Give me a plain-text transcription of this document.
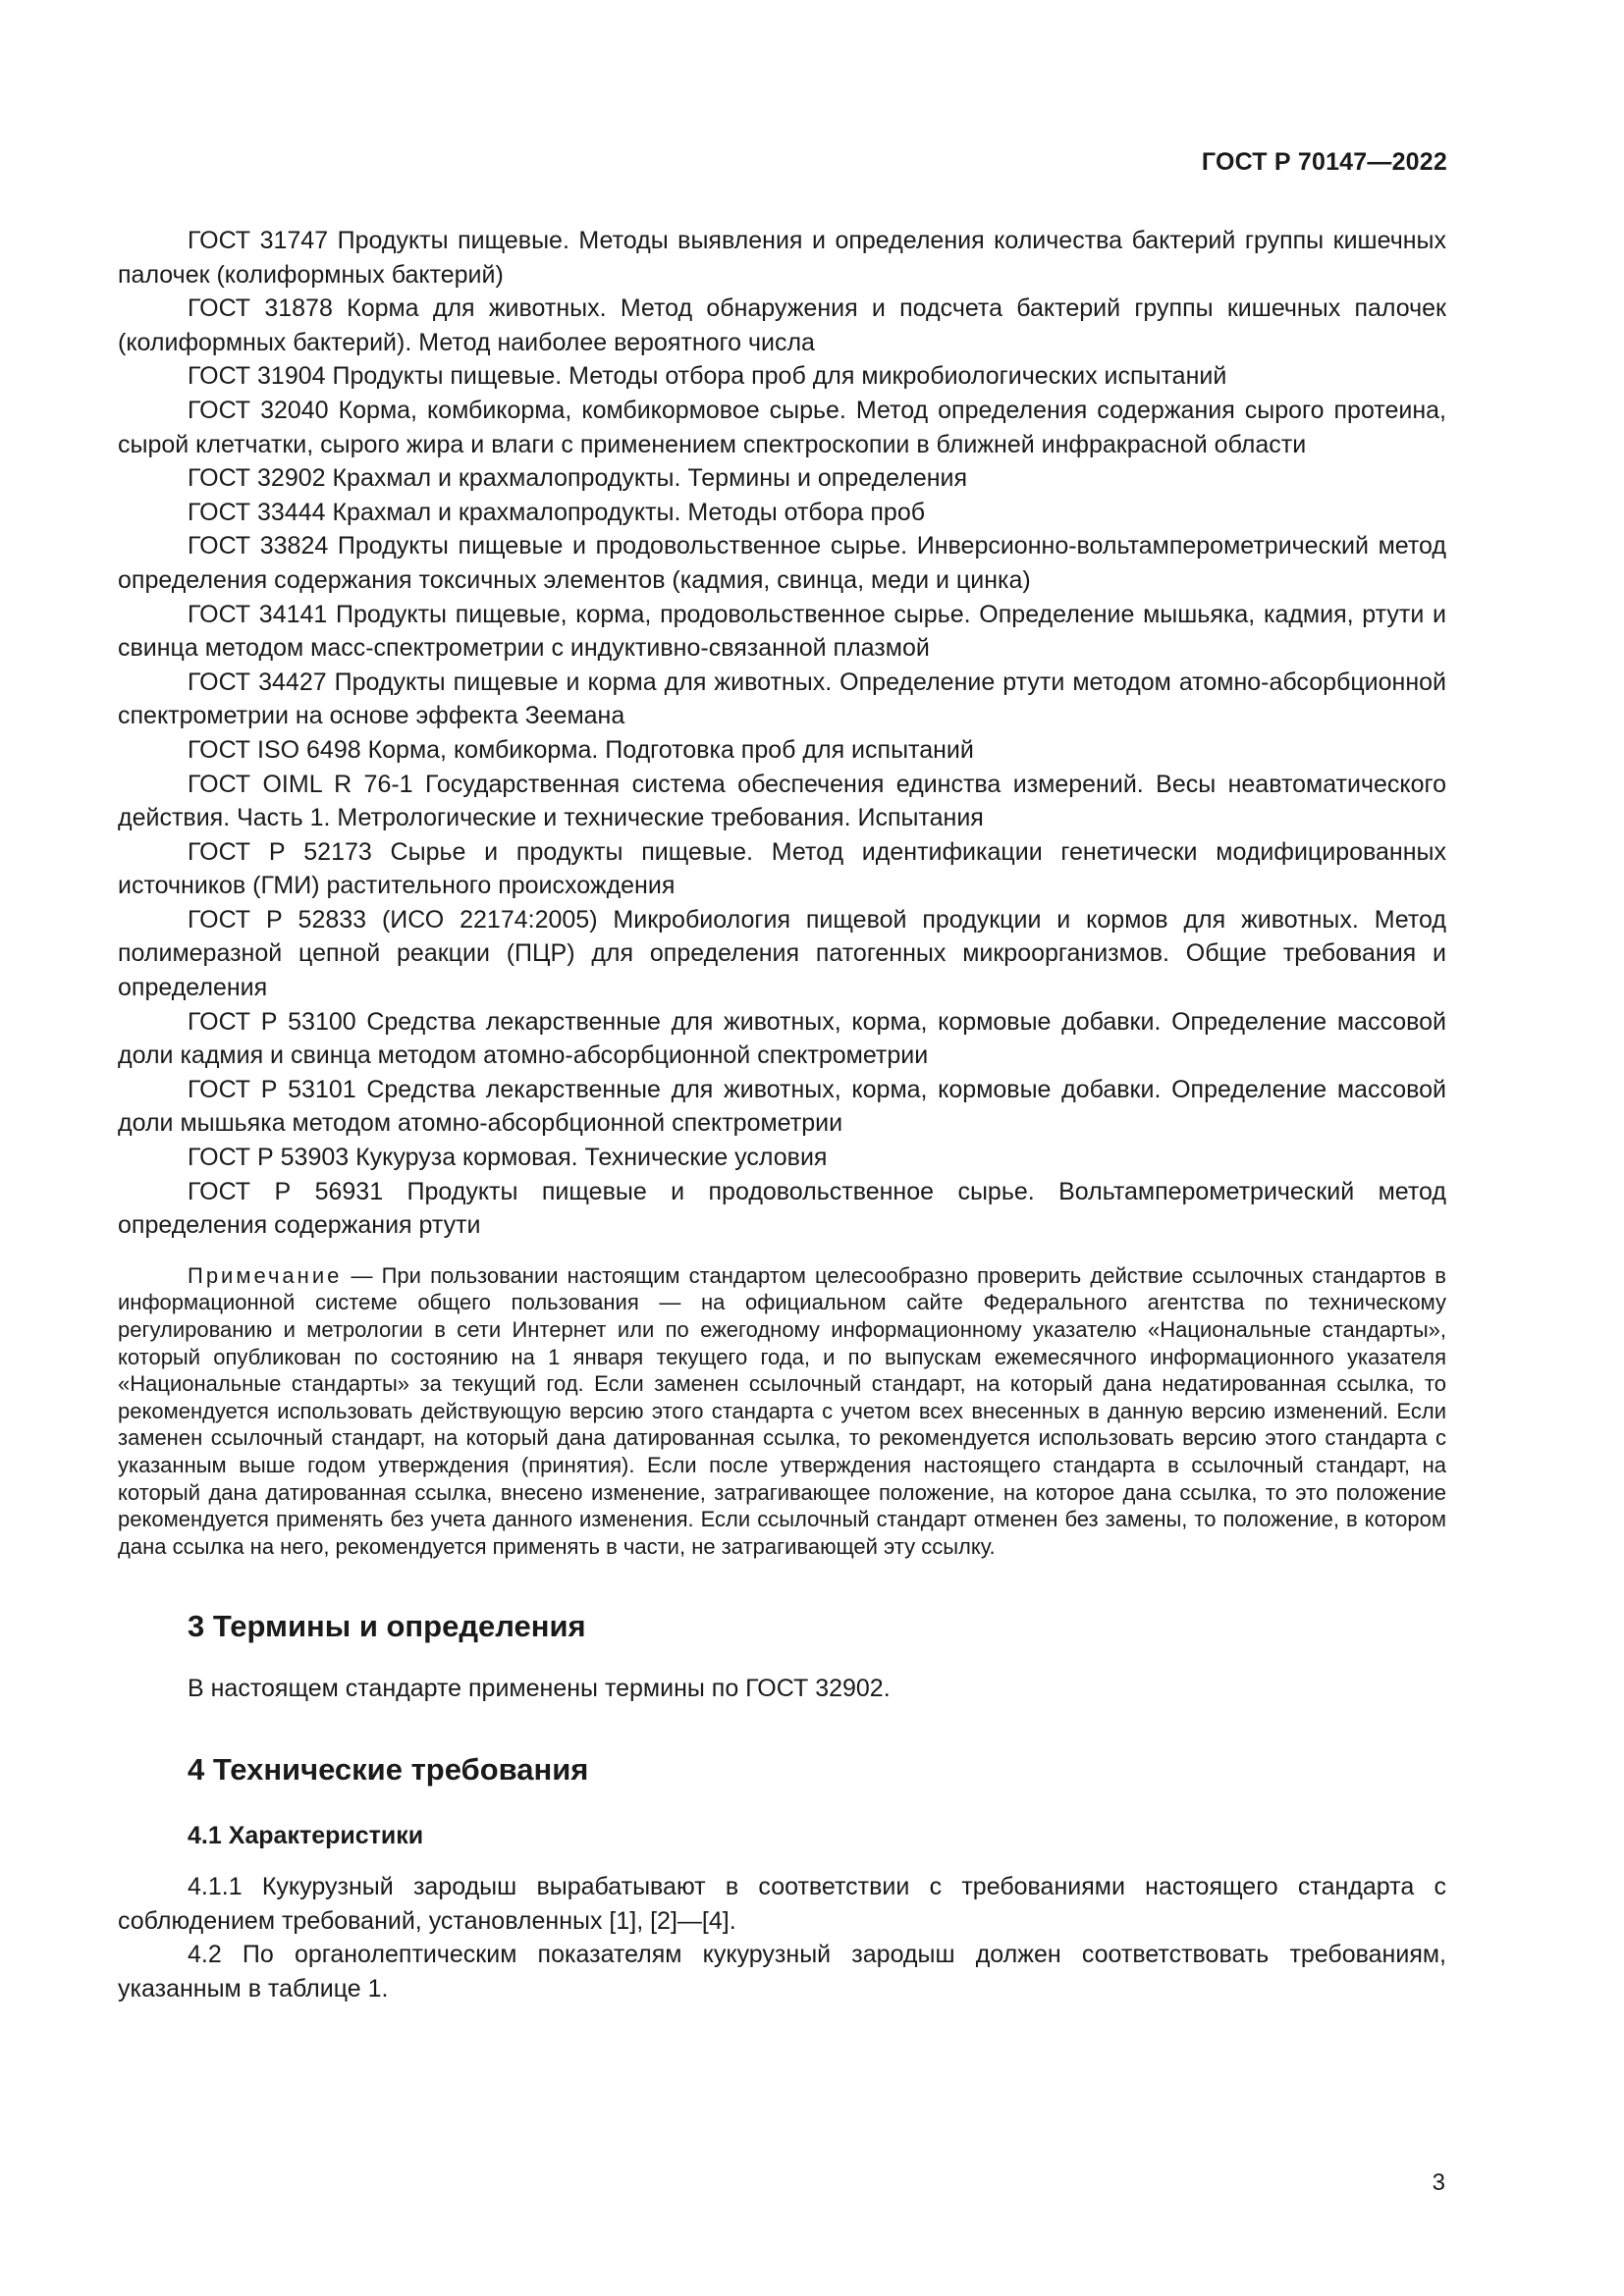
ГОСТ Р 70147—2022

ГОСТ 31747 Продукты пищевые. Методы выявления и определения количества бактерий группы кишечных палочек (колиформных бактерий)

ГОСТ 31878 Корма для животных. Метод обнаружения и подсчета бактерий группы кишечных палочек (колиформных бактерий). Метод наиболее вероятного числа

ГОСТ 31904 Продукты пищевые. Методы отбора проб для микробиологических испытаний

ГОСТ 32040 Корма, комбикорма, комбикормовое сырье. Метод определения содержания сырого протеина, сырой клетчатки, сырого жира и влаги с применением спектроскопии в ближней инфракрасной области

ГОСТ 32902 Крахмал и крахмалопродукты. Термины и определения

ГОСТ 33444 Крахмал и крахмалопродукты. Методы отбора проб

ГОСТ 33824 Продукты пищевые и продовольственное сырье. Инверсионно-вольтамперометрический метод определения содержания токсичных элементов (кадмия, свинца, меди и цинка)

ГОСТ 34141 Продукты пищевые, корма, продовольственное сырье. Определение мышьяка, кадмия, ртути и свинца методом масс-спектрометрии с индуктивно-связанной плазмой

ГОСТ 34427 Продукты пищевые и корма для животных. Определение ртути методом атомно-абсорбционной спектрометрии на основе эффекта Зеемана

ГОСТ ISO 6498 Корма, комбикорма. Подготовка проб для испытаний

ГОСТ OIML R 76-1 Государственная система обеспечения единства измерений. Весы неавтоматического действия. Часть 1. Метрологические и технические требования. Испытания

ГОСТ Р 52173 Сырье и продукты пищевые. Метод идентификации генетически модифицированных источников (ГМИ) растительного происхождения

ГОСТ Р 52833 (ИСО 22174:2005) Микробиология пищевой продукции и кормов для животных. Метод полимеразной цепной реакции (ПЦР) для определения патогенных микроорганизмов. Общие требования и определения

ГОСТ Р 53100 Средства лекарственные для животных, корма, кормовые добавки. Определение массовой доли кадмия и свинца методом атомно-абсорбционной спектрометрии

ГОСТ Р 53101 Средства лекарственные для животных, корма, кормовые добавки. Определение массовой доли мышьяка методом атомно-абсорбционной спектрометрии

ГОСТ Р 53903 Кукуруза кормовая. Технические условия

ГОСТ Р 56931 Продукты пищевые и продовольственное сырье. Вольтамперометрический метод определения содержания ртути

Примечание — При пользовании настоящим стандартом целесообразно проверить действие ссылочных стандартов в информационной системе общего пользования — на официальном сайте Федерального агентства по техническому регулированию и метрологии в сети Интернет или по ежегодному информационному указателю «Национальные стандарты», который опубликован по состоянию на 1 января текущего года, и по выпускам ежемесячного информационного указателя «Национальные стандарты» за текущий год. Если заменен ссылочный стандарт, на который дана недатированная ссылка, то рекомендуется использовать действующую версию этого стандарта с учетом всех внесенных в данную версию изменений. Если заменен ссылочный стандарт, на который дана датированная ссылка, то рекомендуется использовать версию этого стандарта с указанным выше годом утверждения (принятия). Если после утверждения настоящего стандарта в ссылочный стандарт, на который дана датированная ссылка, внесено изменение, затрагивающее положение, на которое дана ссылка, то это положение рекомендуется применять без учета данного изменения. Если ссылочный стандарт отменен без замены, то положение, в котором дана ссылка на него, рекомендуется применять в части, не затрагивающей эту ссылку.

3 Термины и определения

В настоящем стандарте применены термины по ГОСТ 32902.

4 Технические требования
4.1 Характеристики

4.1.1 Кукурузный зародыш вырабатывают в соответствии с требованиями настоящего стандарта с соблюдением требований, установленных [1], [2]—[4].

4.2 По органолептическим показателям кукурузный зародыш должен соответствовать требованиям, указанным в таблице 1.

3
